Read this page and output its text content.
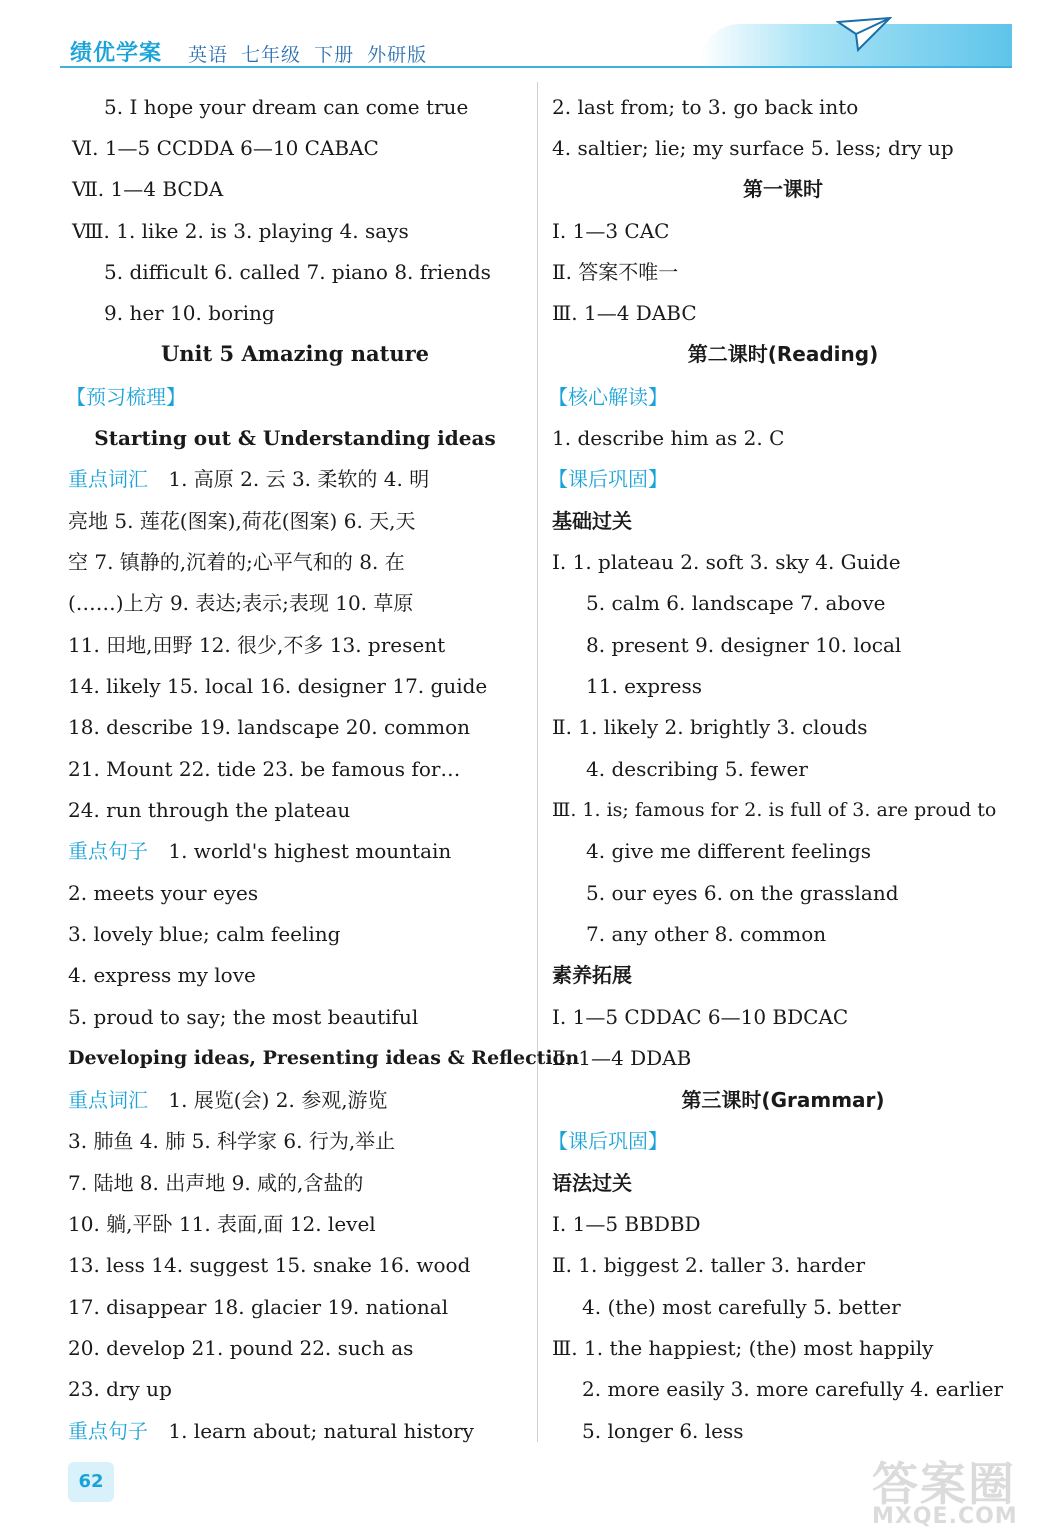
绩优学案 英语 七年级 下册 外研版
5. I hope your dream can come true
Ⅵ. 1—5 CCDDA 6—10 CABAC
Ⅶ. 1—4 BCDA
Ⅷ. 1. like 2. is 3. playing 4. says
5. difficult 6. called 7. piano 8. friends
9. her 10. boring
Unit 5 Amazing nature
【预习梳理】
Starting out & Understanding ideas
重点词汇 1. 高原 2. 云 3. 柔软的 4. 明
亮地 5. 莲花(图案),荷花(图案) 6. 天,天
空 7. 镇静的,沉着的;心平气和的 8. 在
(……)上方 9. 表达;表示;表现 10. 草原
11. 田地,田野 12. 很少,不多 13. present
14. likely 15. local 16. designer 17. guide
18. describe 19. landscape 20. common
21. Mount 22. tide 23. be famous for…
24. run through the plateau
重点句子 1. world's highest mountain
2. meets your eyes
3. lovely blue; calm feeling
4. express my love
5. proud to say; the most beautiful
Developing ideas, Presenting ideas & Reflection
重点词汇 1. 展览(会) 2. 参观,游览
3. 肺鱼 4. 肺 5. 科学家 6. 行为,举止
7. 陆地 8. 出声地 9. 咸的,含盐的
10. 躺,平卧 11. 表面,面 12. level
13. less 14. suggest 15. snake 16. wood
17. disappear 18. glacier 19. national
20. develop 21. pound 22. such as
23. dry up
重点句子 1. learn about; natural history
2. last from; to 3. go back into
4. saltier; lie; my surface 5. less; dry up
第一课时
Ⅰ. 1—3 CAC
Ⅱ. 答案不唯一
Ⅲ. 1—4 DABC
第二课时(Reading)
【核心解读】
1. describe him as 2. C
【课后巩固】
基础过关
Ⅰ. 1. plateau 2. soft 3. sky 4. Guide
5. calm 6. landscape 7. above
8. present 9. designer 10. local
11. express
Ⅱ. 1. likely 2. brightly 3. clouds
4. describing 5. fewer
Ⅲ. 1. is; famous for 2. is full of 3. are proud to
4. give me different feelings
5. our eyes 6. on the grassland
7. any other 8. common
素养拓展
Ⅰ. 1—5 CDDAC 6—10 BDCAC
Ⅱ. 1—4 DDAB
第三课时(Grammar)
【课后巩固】
语法过关
Ⅰ. 1—5 BBDBD
Ⅱ. 1. biggest 2. taller 3. harder
4. (the) most carefully 5. better
Ⅲ. 1. the happiest; (the) most happily
2. more easily 3. more carefully 4. earlier
5. longer 6. less
62	答案圈
MXQE.COM
